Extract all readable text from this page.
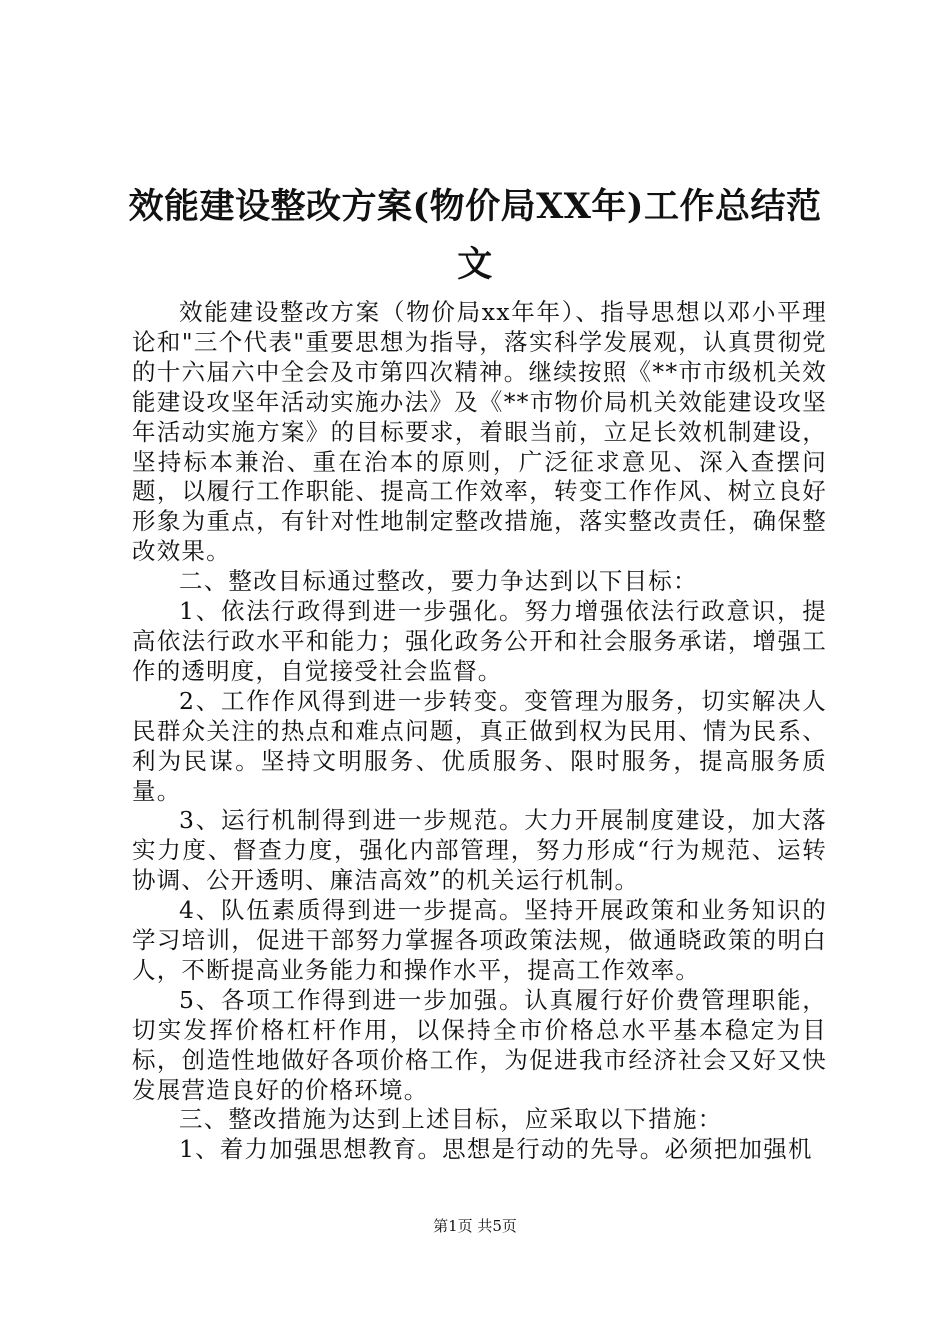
效能建设整改方案(物价局XX年)工作总结范文

效能建设整改方案（物价局xx年年）、指导思想以邓小平理论和"三个代表"重要思想为指导，落实科学发展观，认真贯彻党的十六届六中全会及市第四次精神。继续按照《**市市级机关效能建设攻坚年活动实施办法》及《**市物价局机关效能建设攻坚年活动实施方案》的目标要求，着眼当前，立足长效机制建设，坚持标本兼治、重在治本的原则，广泛征求意见、深入查摆问题，以履行工作职能、提高工作效率，转变工作作风、树立良好形象为重点，有针对性地制定整改措施，落实整改责任，确保整改效果。

二、整改目标通过整改，要力争达到以下目标：

1、依法行政得到进一步强化。努力增强依法行政意识，提高依法行政水平和能力；强化政务公开和社会服务承诺，增强工作的透明度，自觉接受社会监督。

2、工作作风得到进一步转变。变管理为服务，切实解决人民群众关注的热点和难点问题，真正做到权为民用、情为民系、利为民谋。坚持文明服务、优质服务、限时服务，提高服务质量。

3、运行机制得到进一步规范。大力开展制度建设，加大落实力度、督查力度，强化内部管理，努力形成“行为规范、运转协调、公开透明、廉洁高效”的机关运行机制。

4、队伍素质得到进一步提高。坚持开展政策和业务知识的学习培训，促进干部努力掌握各项政策法规，做通晓政策的明白人，不断提高业务能力和操作水平，提高工作效率。

5、各项工作得到进一步加强。认真履行好价费管理职能，切实发挥价格杠杆作用，以保持全市价格总水平基本稳定为目标，创造性地做好各项价格工作，为促进我市经济社会又好又快发展营造良好的价格环境。

三、整改措施为达到上述目标，应采取以下措施：

1、着力加强思想教育。思想是行动的先导。必须把加强机

第1页 共5页
